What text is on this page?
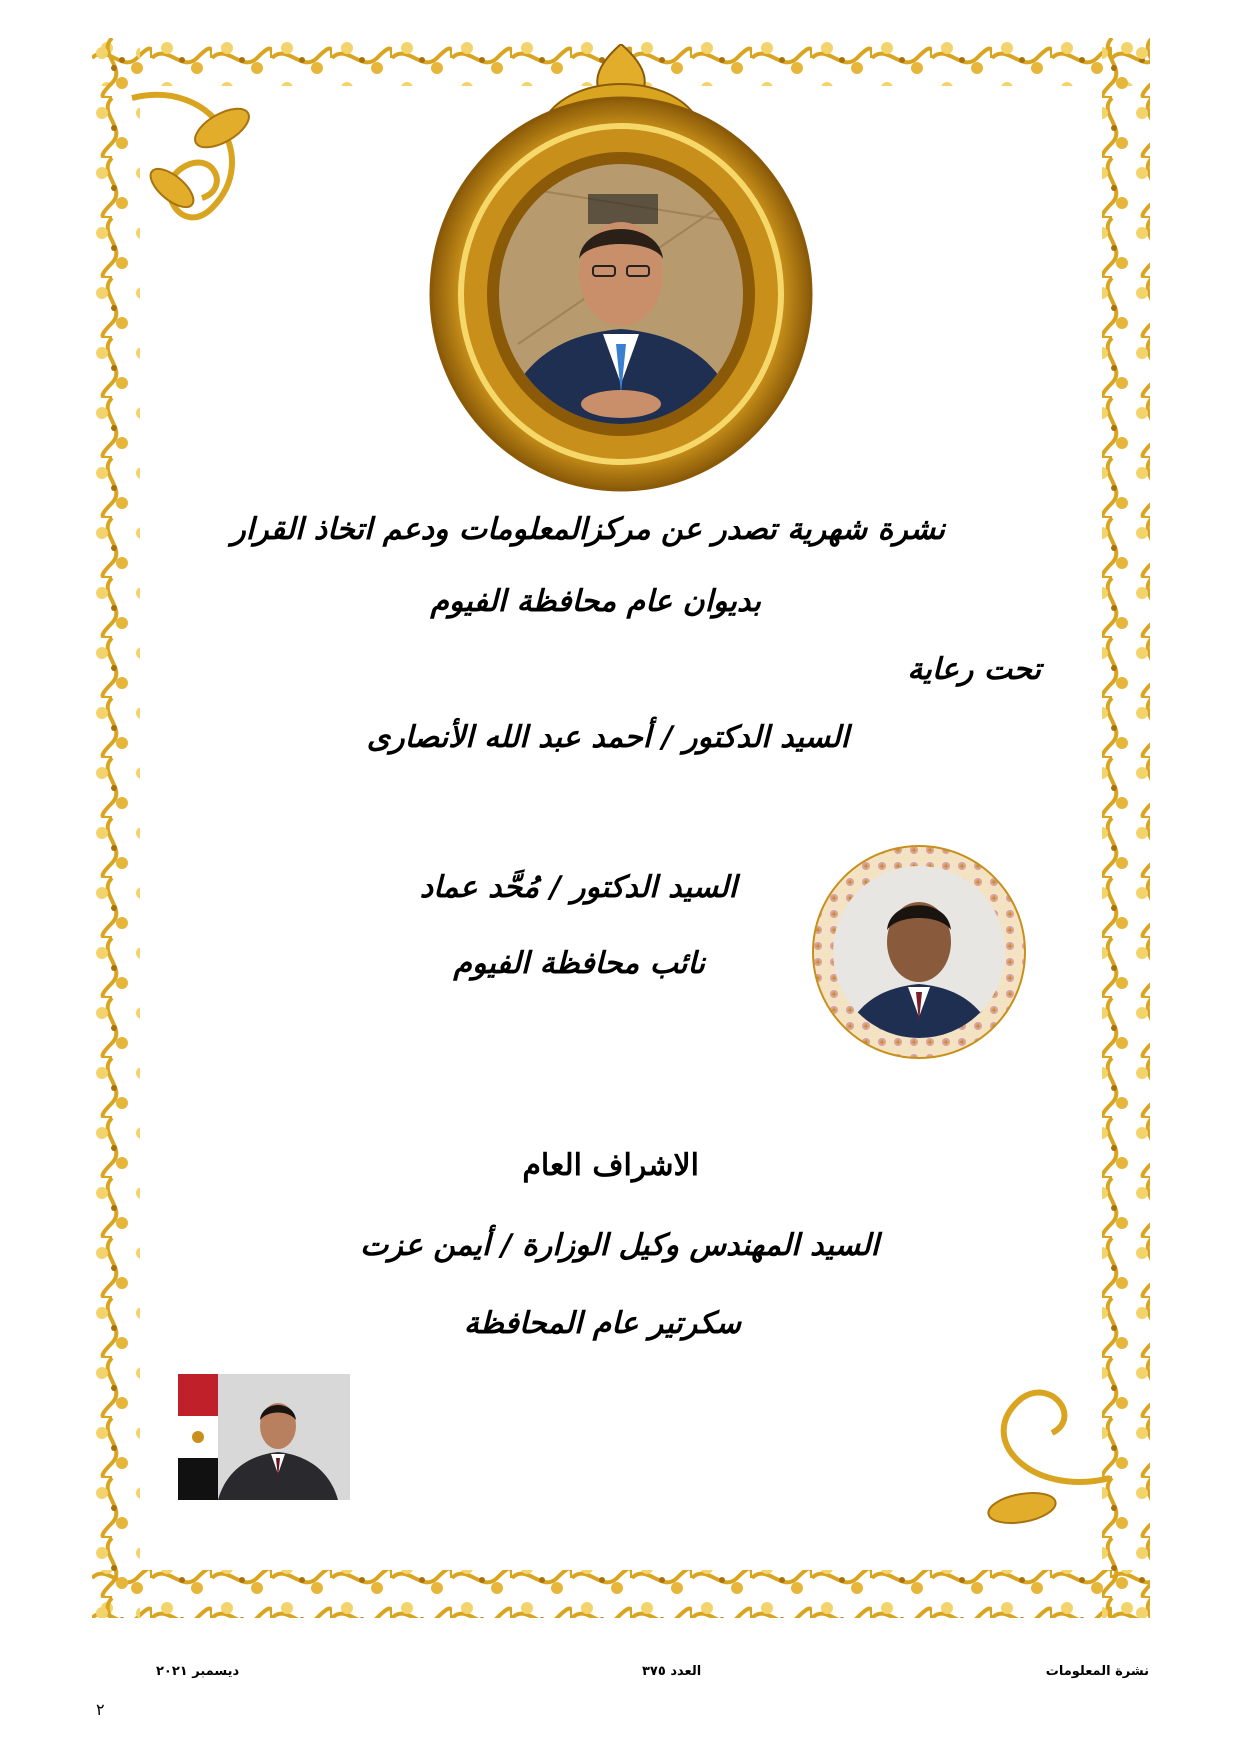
نشرة شهرية تصدر عن مركزالمعلومات ودعم اتخاذ القرار
بديوان عام محافظة الفيوم
تحت رعاية
السيد الدكتور / أحمد عبد الله الأنصارى
السيد الدكتور / مُحَّد عماد
نائب محافظة الفيوم
الاشراف العام
السيد المهندس وكيل الوزارة / أيمن عزت
سكرتير عام المحافظة
ديسمبر ٢٠٢١	العدد ٣٧٥	نشرة المعلومات
٢
